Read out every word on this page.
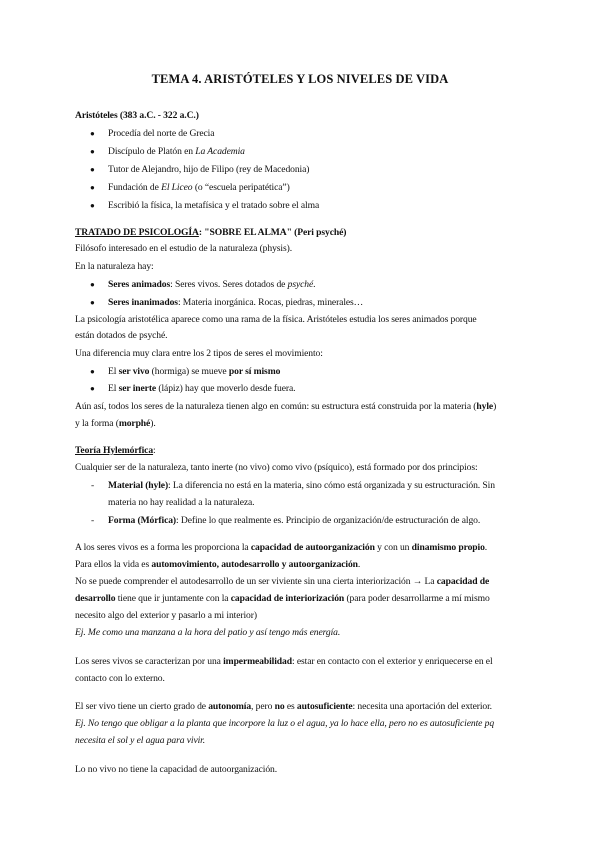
TEMA 4. ARISTÓTELES Y LOS NIVELES DE VIDA
Aristóteles (383 a.C. - 322 a.C.)
● Procedía del norte de Grecia
● Discípulo de Platón en La Academia
● Tutor de Alejandro, hijo de Filipo (rey de Macedonia)
● Fundación de El Liceo (o “escuela peripatética”)
● Escribió la física, la metafísica y el tratado sobre el alma
TRATADO DE PSICOLOGÍA: "SOBRE EL ALMA" (Peri psyché)
Filósofo interesado en el estudio de la naturaleza (physis).
En la naturaleza hay:
● Seres animados: Seres vivos. Seres dotados de psyché.
● Seres inanimados: Materia inorgánica. Rocas, piedras, minerales…
La psicología aristotélica aparece como una rama de la física. Aristóteles estudia los seres animados porque
están dotados de psyché.
Una diferencia muy clara entre los 2 tipos de seres el movimiento:
● El ser vivo (hormiga) se mueve por sí mismo
● El ser inerte (lápiz) hay que moverlo desde fuera.
Aún así, todos los seres de la naturaleza tienen algo en común: su estructura está construida por la materia (hyle)
y la forma (morphé).
Teoría Hylemórfica:
Cualquier ser de la naturaleza, tanto inerte (no vivo) como vivo (psíquico), está formado por dos principios:
- Material (hyle): La diferencia no está en la materia, sino cómo está organizada y su estructuración. Sin
materia no hay realidad a la naturaleza.
- Forma (Mórfica): Define lo que realmente es. Principio de organización/de estructuración de algo.
A los seres vivos es a forma les proporciona la capacidad de autoorganización y con un dinamismo propio.
Para ellos la vida es automovimiento, autodesarrollo y autoorganización.
No se puede comprender el autodesarrollo de un ser viviente sin una cierta interiorización → La capacidad de
desarrollo tiene que ir juntamente con la capacidad de interiorización (para poder desarrollarme a mí mismo
necesito algo del exterior y pasarlo a mi interior)
Ej. Me como una manzana a la hora del patio y así tengo más energía.
Los seres vivos se caracterizan por una impermeabilidad: estar en contacto con el exterior y enriquecerse en el
contacto con lo externo.
El ser vivo tiene un cierto grado de autonomía, pero no es autosuficiente: necesita una aportación del exterior.
Ej. No tengo que obligar a la planta que incorpore la luz o el agua, ya lo hace ella, pero no es autosuficiente pq
necesita el sol y el agua para vivir.
Lo no vivo no tiene la capacidad de autoorganización.
